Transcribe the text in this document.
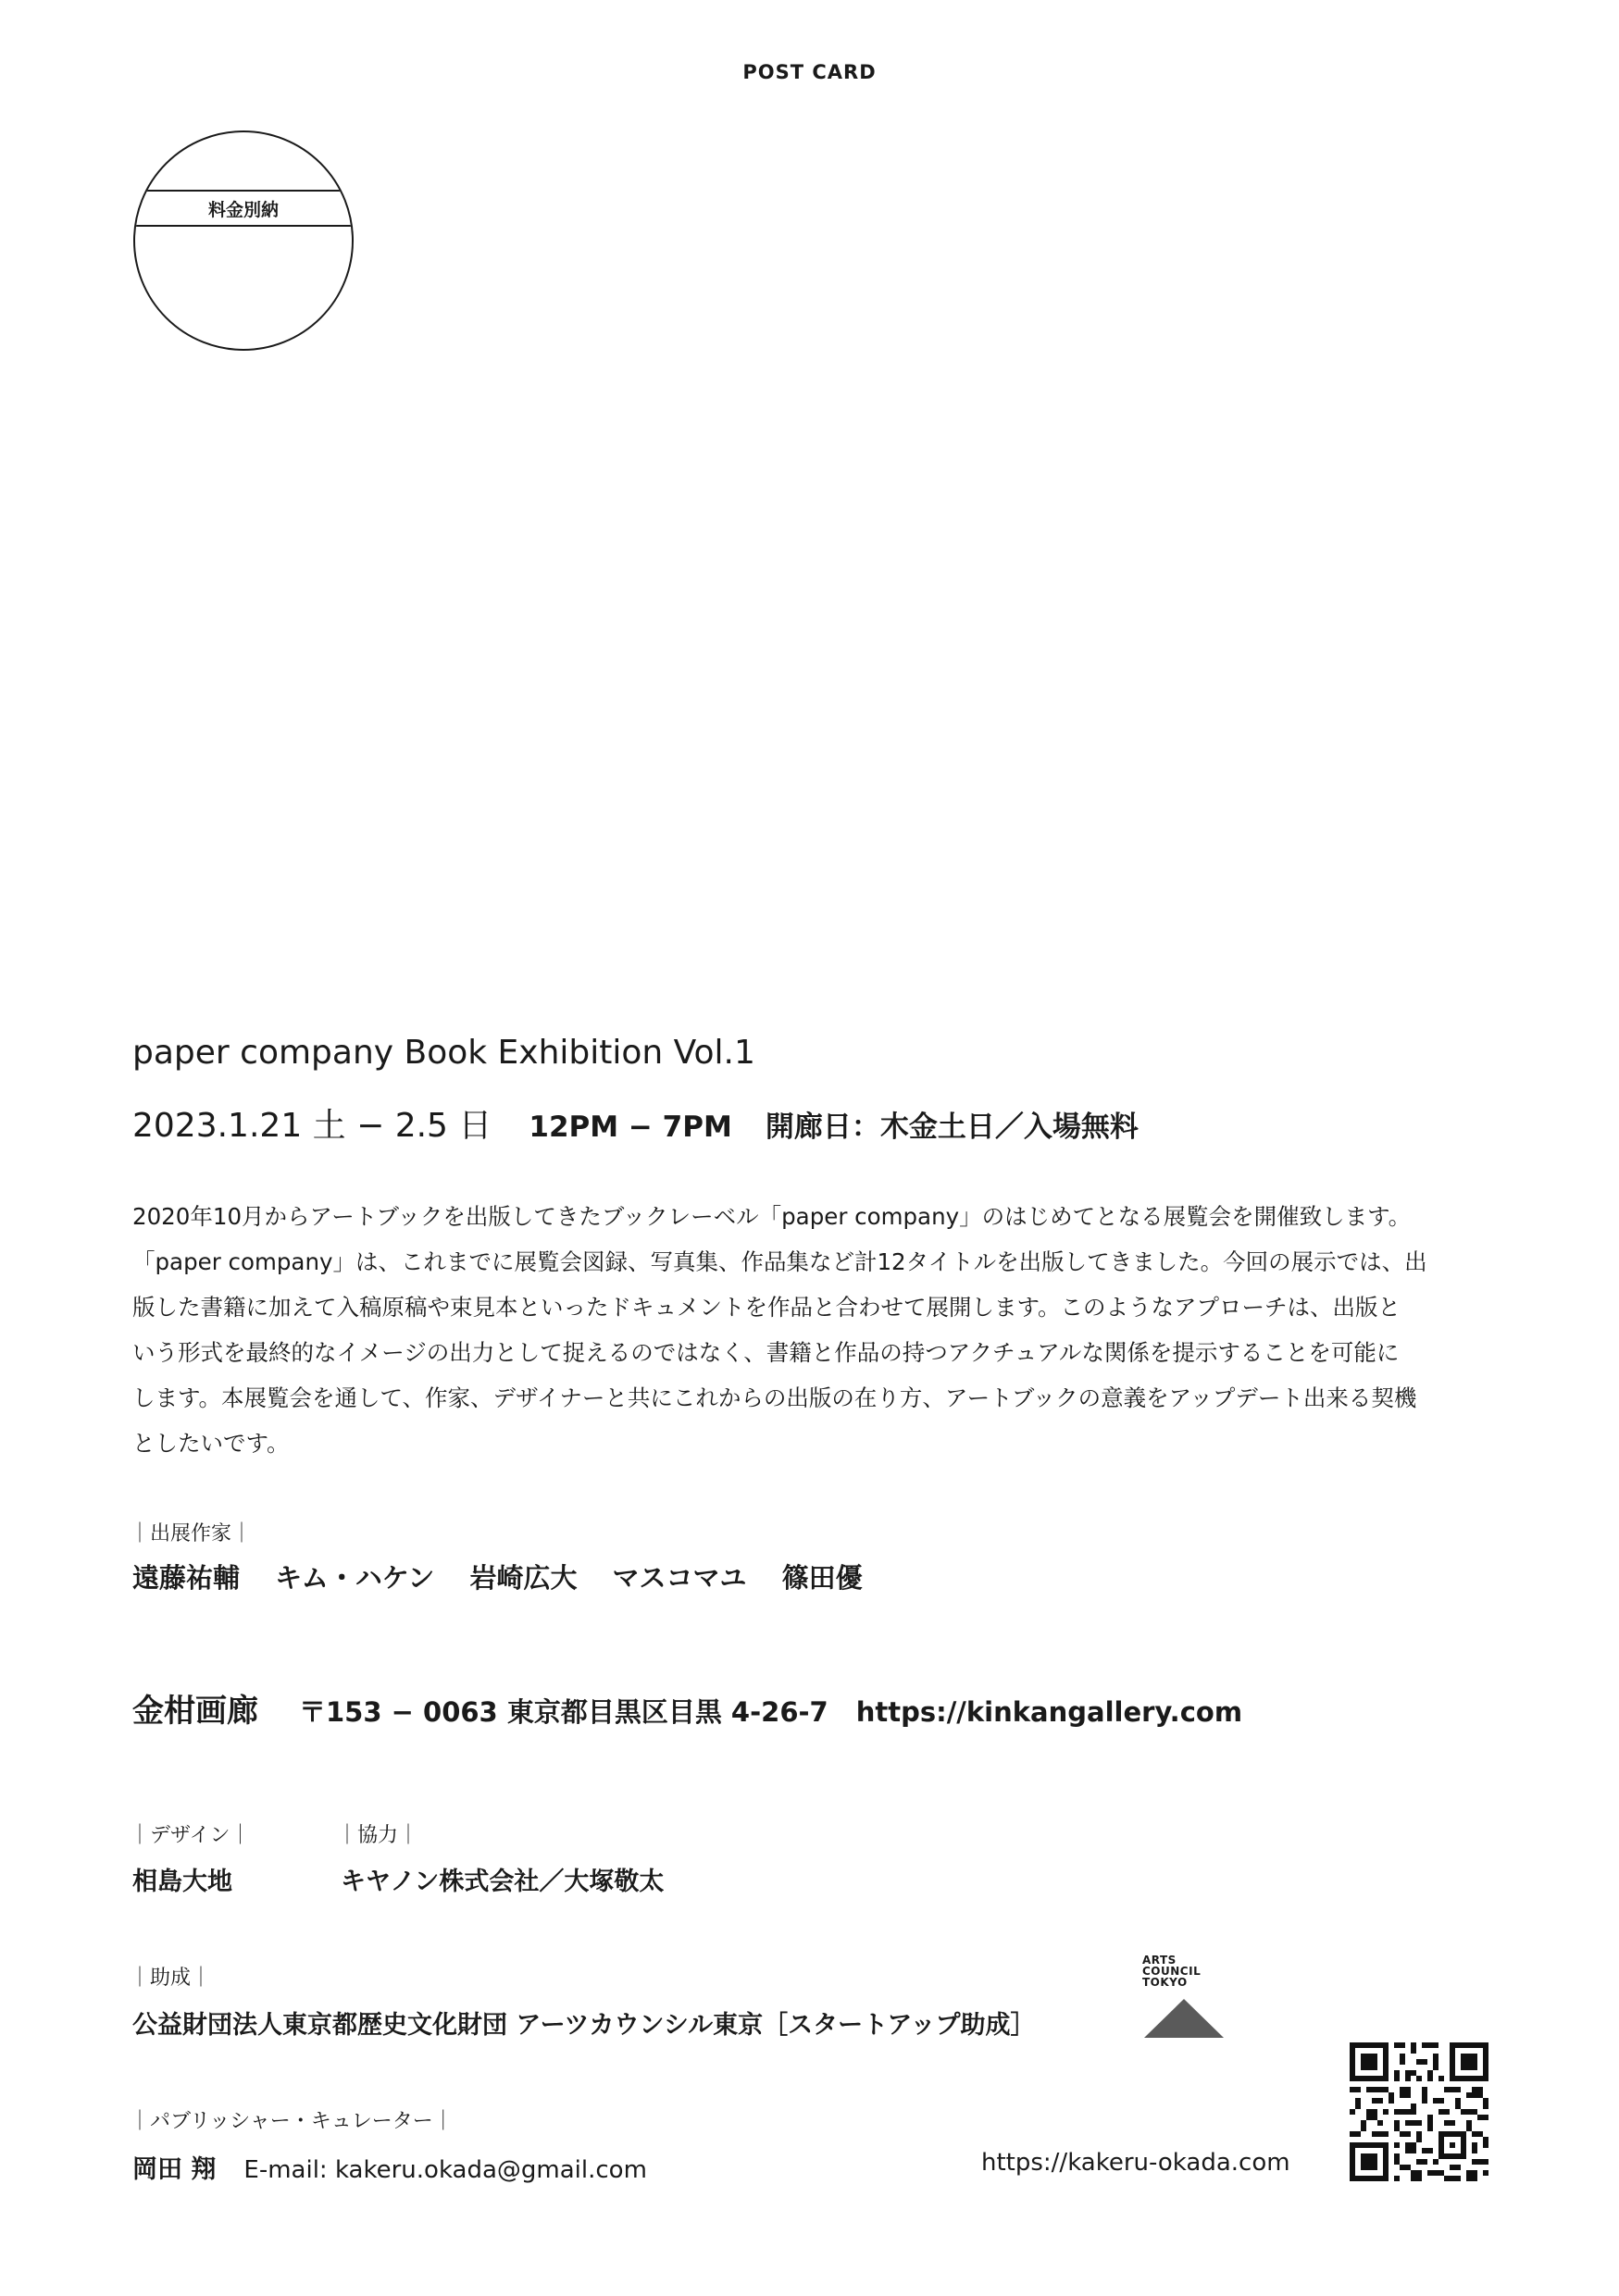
POST CARD
料金別納
paper company Book Exhibition Vol.1
2023.1.21 土 − 2.5 日 12PM − 7PM 開廊日：木金土日／入場無料
2020年10月からアートブックを出版してきたブックレーベル「paper company」のはじめてとなる展覧会を開催致します。
「paper company」は、これまでに展覧会図録、写真集、作品集など計12タイトルを出版してきました。今回の展示では、出
版した書籍に加えて入稿原稿や束見本といったドキュメントを作品と合わせて展開します。このようなアプローチは、出版と
いう形式を最終的なイメージの出力として捉えるのではなく、書籍と作品の持つアクチュアルな関係を提示することを可能に
します。本展覧会を通して、作家、デザイナーと共にこれからの出版の在り方、アートブックの意義をアップデート出来る契機
としたいです。
｜出展作家｜
遠藤祐輔 キム・ハケン 岩崎広大 マスコマユ 篠田優
金柑画廊 〒153 − 0063 東京都目黒区目黒 4-26-7 https://kinkangallery.com
｜デザイン｜
相島大地
｜協力｜
キヤノン株式会社／大塚敬太
｜助成｜
公益財団法人東京都歴史文化財団 アーツカウンシル東京［スタートアップ助成］
ARTS
COUNCIL
TOKYO
｜パブリッシャー・キュレーター｜
岡田 翔 E-mail: kakeru.okada@gmail.com	https://kakeru-okada.com
